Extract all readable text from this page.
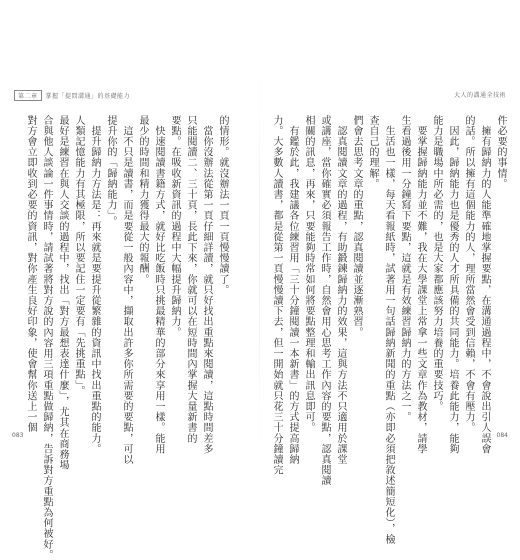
第二章 掌握「提問溝通」的基礎能力
的情形。就沒辦法一頁一頁慢慢讀了。
　當你沒辦法從第一頁仔細詳讀，就只好找出重點來閱讀，這點時間差多
只能閱讀二、三十頁，長此下來，你就可以在短時間內掌握大量新書的
要點。在吸收新資訊的過程中大幅提升歸納力。
　快速閱讀書籍方式，就好比吃飯時只挑最精華的部分來享用一樣。能用
最少的時間和精力獲得最大的報酬。
　這不只是讀書，而是要從一般內容中，擷取出許多你所需要的要點，可以
提升你的「歸納能力」。
　提升歸納力方法是：再來就是要提升從繁雜的資訊中找出重點的能力。
人類記憶能力有其極限，所以要記住一定要有「先挑重點」。
最好是練習在與人交談的過程中，找出「對方最想表達什麼」，尤其在商務場
合與他人談論一件事情時，請試著將對方說的內容用三項重點做歸納，告訴對方重點為何被好。
對方會立即收到必要的資訊，對你產生良好印象，使會幫你送上一個
083
大人的溝通全技術
件必要的事情。
　擁有歸納力的人能準確地掌握要點，在溝通過程中，不會說出引人誤會
的話。所以擁有這個能力的人，理所當然會受到信賴，不會有壓力。
　因此，歸納能力也是優秀的人才所具備的共同能力。培養此能力，能夠
能力是職場中所必需的，也是大家都應該努力培養的重要技巧。
　要掌握歸納能力並不難，我在大學課堂上常拿一些文章作為教材，請學
生看過後用一分鐘寫下要點，這就是有效練習歸納力的方法之一。
　生活也一樣，每天看報紙時，試著用一句話歸納新聞的重點（亦即必須把敘述簡短化），檢
查自己的理解。
們會去思考文章的重點，認真閱讀並逐漸熟習。
　認真閱讀文章的過程，有助鍛鍊歸納力的效果，這與方法不只適用於課堂
或講座，當你確實必須報告工作時，自然會用心思考工作內容的要點，認真閱讀
相關的訊息，再來，只要能夠時常如何將要點整理和輸出訊息即可。
　有鑑於此，我建議各位練習用「三十分鐘閱讀一本新書」的方式提高歸納
力。大多數人讀書，都是從第一頁慢慢讀下去，但一開始就只花三十分鐘讀完	084
